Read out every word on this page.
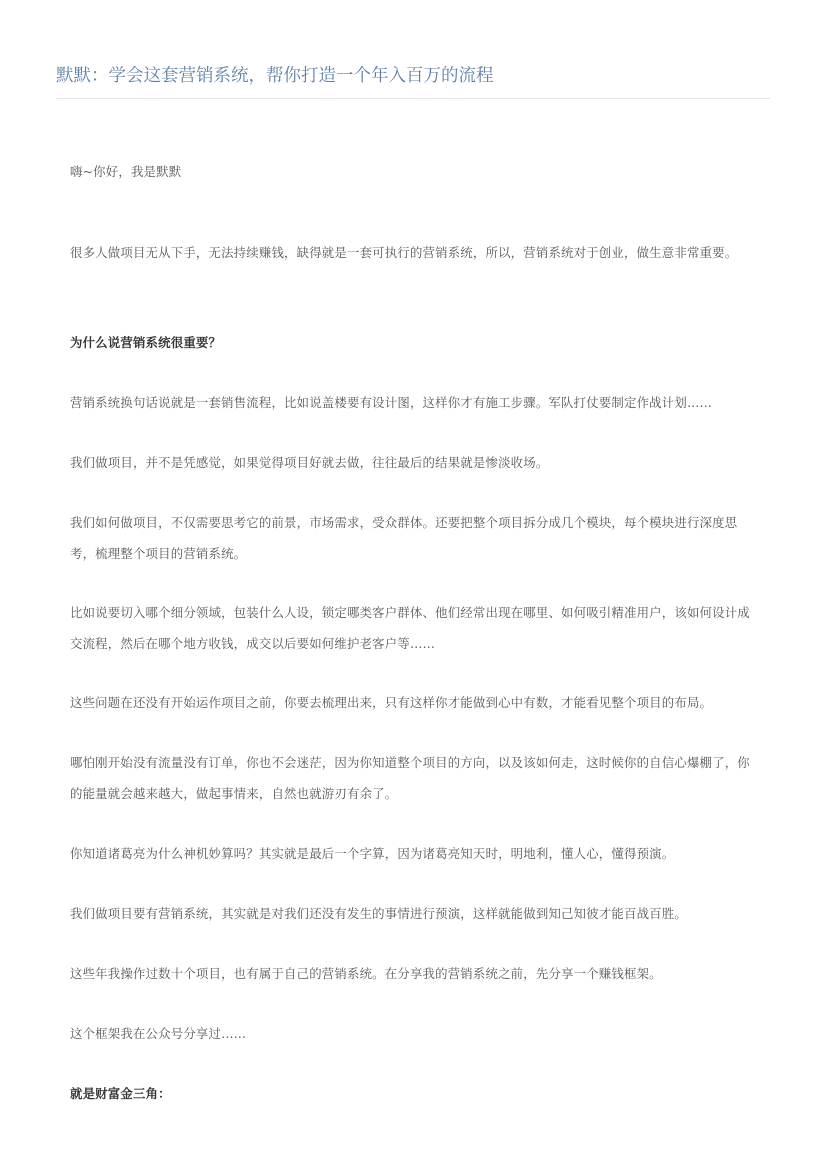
默默：学会这套营销系统，帮你打造一个年入百万的流程

嗨~你好，我是默默

很多人做项目无从下手，无法持续赚钱，缺得就是一套可执行的营销系统，所以，营销系统对于创业，做生意非常重要。

为什么说营销系统很重要？

营销系统换句话说就是一套销售流程，比如说盖楼要有设计图，这样你才有施工步骤。军队打仗要制定作战计划……

我们做项目，并不是凭感觉，如果觉得项目好就去做，往往最后的结果就是惨淡收场。

我们如何做项目，不仅需要思考它的前景，市场需求，受众群体。还要把整个项目拆分成几个模块，每个模块进行深度思考，梳理整个项目的营销系统。

比如说要切入哪个细分领域，包装什么人设，锁定哪类客户群体、他们经常出现在哪里、如何吸引精准用户，该如何设计成交流程，然后在哪个地方收钱，成交以后要如何维护老客户等……

这些问题在还没有开始运作项目之前，你要去梳理出来，只有这样你才能做到心中有数，才能看见整个项目的布局。

哪怕刚开始没有流量没有订单，你也不会迷茫，因为你知道整个项目的方向，以及该如何走，这时候你的自信心爆棚了，你的能量就会越来越大，做起事情来，自然也就游刃有余了。

你知道诸葛亮为什么神机妙算吗？其实就是最后一个字算，因为诸葛亮知天时，明地利，懂人心，懂得预演。

我们做项目要有营销系统，其实就是对我们还没有发生的事情进行预演，这样就能做到知己知彼才能百战百胜。

这些年我操作过数十个项目，也有属于自己的营销系统。在分享我的营销系统之前，先分享一个赚钱框架。

这个框架我在公众号分享过……

就是财富金三角：
